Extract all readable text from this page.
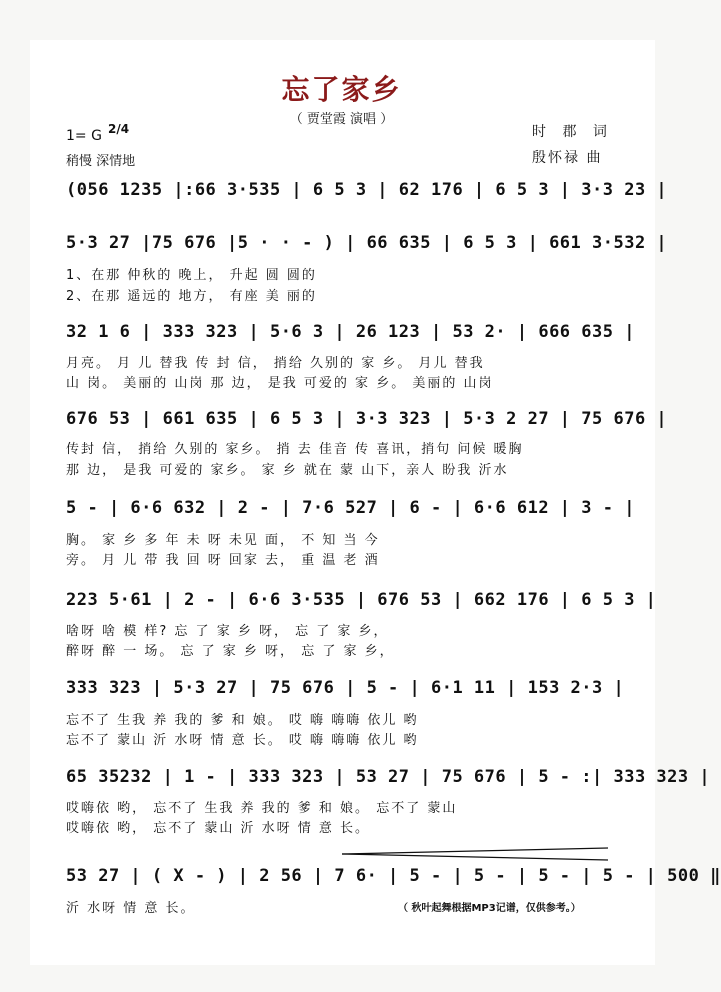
忘了家乡
（ 贾堂霞 演唱 ）
1= G 2/4
稍慢 深情地
时 郡 词
殷怀禄 曲
(056 1235 |:66 3·535 | 6 5 3 | 62 176 | 6 5 3 | 3·3 23 |
5·3 27 |75 676 |5 · · - ) | 66 635 | 6 5 3 | 661 3·532 |
1、在那 仲秋的 晚上， 升起 圆 圆的
2、在那 遥远的 地方， 有座 美 丽的
32 1 6 | 333 323 | 5·6 3 | 26 123 | 53 2· | 666 635 |
月亮。 月 儿 替我 传 封 信， 捎给 久别的 家 乡。 月儿 替我
山 岗。 美丽的 山岗 那 边， 是我 可爱的 家 乡。 美丽的 山岗
676 53 | 661 635 | 6 5 3 | 3·3 323 | 5·3 2 27 | 75 676 |
传封 信， 捎给 久别的 家乡。 捎 去 佳音 传 喜讯，捎句 问候 暖胸
那 边， 是我 可爱的 家乡。 家 乡 就在 蒙 山下，亲人 盼我 沂水
5 - | 6·6 632 | 2 - | 7·6 527 | 6 - | 6·6 612 | 3 - |
胸。 家 乡 多 年 未 呀 未见 面， 不 知 当 今
旁。 月 儿 带 我 回 呀 回家 去， 重 温 老 酒
223 5·61 | 2 - | 6·6 3·535 | 676 53 | 662 176 | 6 5 3 |
啥呀 啥 模 样? 忘 了 家 乡 呀， 忘 了 家 乡，
醉呀 醉 一 场。 忘 了 家 乡 呀， 忘 了 家 乡，
333 323 | 5·3 27 | 75 676 | 5 - | 6·1 11 | 153 2·3 |
忘不了 生我 养 我的 爹 和 娘。 哎 嗨 嗨嗨 依儿 哟
忘不了 蒙山 沂 水呀 情 意 长。 哎 嗨 嗨嗨 依儿 哟
65 35232 | 1 - | 333 323 | 53 27 | 75 676 | 5 - :| 333 323 |
哎嗨依 哟， 忘不了 生我 养 我的 爹 和 娘。 忘不了 蒙山
哎嗨依 哟， 忘不了 蒙山 沂 水呀 情 意 长。
53 27 | ( X - ) | 2 56 | 7 6· | 5 - | 5 - | 5 - | 5 - | 500 ‖
沂 水呀 情 意 长。	（ 秋叶起舞根据MP3记谱，仅供参考。）
